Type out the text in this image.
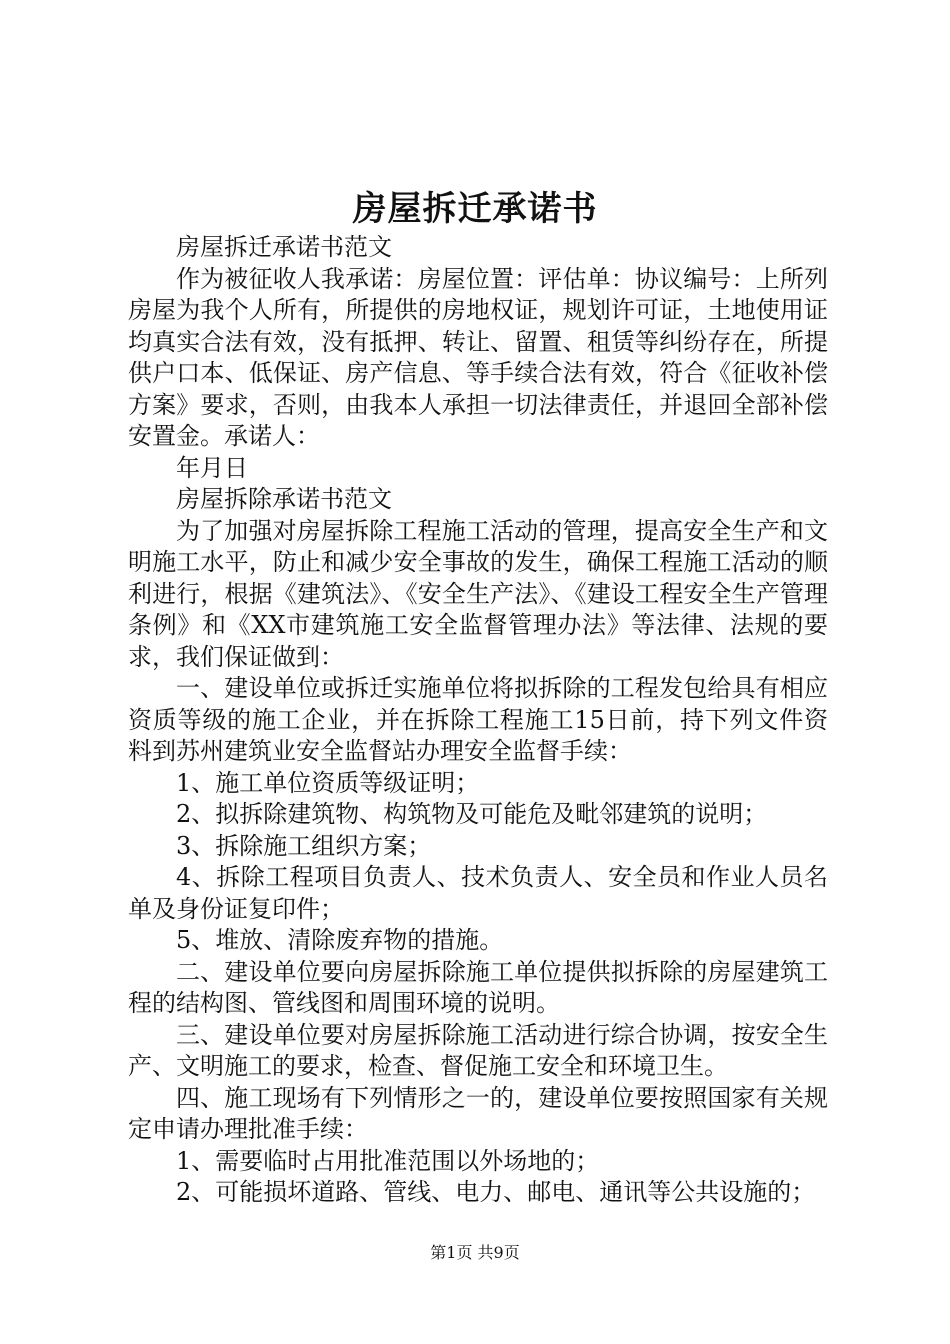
房屋拆迁承诺书

房屋拆迁承诺书范文

作为被征收人我承诺：房屋位置：评估单：协议编号：上所列房屋为我个人所有，所提供的房地权证，规划许可证，土地使用证均真实合法有效，没有抵押、转让、留置、租赁等纠纷存在，所提供户口本、低保证、房产信息、等手续合法有效，符合《征收补偿方案》要求，否则，由我本人承担一切法律责任，并退回全部补偿安置金。承诺人：

年月日

房屋拆除承诺书范文

为了加强对房屋拆除工程施工活动的管理，提高安全生产和文明施工水平，防止和减少安全事故的发生，确保工程施工活动的顺利进行，根据《建筑法》、《安全生产法》、《建设工程安全生产管理条例》和《XX市建筑施工安全监督管理办法》等法律、法规的要求，我们保证做到：

一、建设单位或拆迁实施单位将拟拆除的工程发包给具有相应资质等级的施工企业，并在拆除工程施工15日前，持下列文件资料到苏州建筑业安全监督站办理安全监督手续：

1、施工单位资质等级证明；

2、拟拆除建筑物、构筑物及可能危及毗邻建筑的说明；

3、拆除施工组织方案；

4、拆除工程项目负责人、技术负责人、安全员和作业人员名单及身份证复印件；

5、堆放、清除废弃物的措施。

二、建设单位要向房屋拆除施工单位提供拟拆除的房屋建筑工程的结构图、管线图和周围环境的说明。

三、建设单位要对房屋拆除施工活动进行综合协调，按安全生产、文明施工的要求，检查、督促施工安全和环境卫生。

四、施工现场有下列情形之一的，建设单位要按照国家有关规定申请办理批准手续：

1、需要临时占用批准范围以外场地的；

2、可能损坏道路、管线、电力、邮电、通讯等公共设施的；

第1页 共9页
